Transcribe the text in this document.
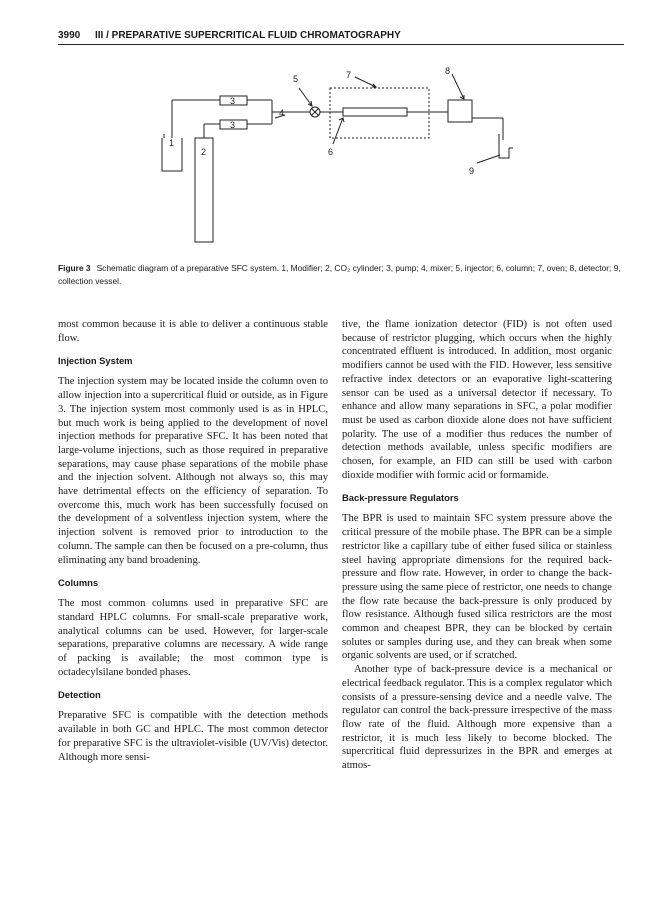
3990 III / PREPARATIVE SUPERCRITICAL FLUID CHROMATOGRAPHY
1
2
3
3
4
5
6
7	8
9
Figure 3 Schematic diagram of a preparative SFC system. 1, Modifier; 2, CO₂ cylinder; 3, pump; 4, mixer; 5, injector; 6, column; 7, oven; 8, detector; 9, collection vessel.

most common because it is able to deliver a continuous stable flow.

Injection System

The injection system may be located inside the column oven to allow injection into a supercritical fluid or outside, as in Figure 3. The injection system most commonly used is as in HPLC, but much work is being applied to the development of novel injection methods for preparative SFC. It has been noted that large-volume injections, such as those required in preparative separations, may cause phase separations of the mobile phase and the injection solvent. Although not always so, this may have detrimental effects on the efficiency of separation. To overcome this, much work has been successfully focused on the development of a solventless injection system, where the injection solvent is removed prior to introduction to the column. The sample can then be focused on a pre-column, thus eliminating any band broadening.

Columns

The most common columns used in preparative SFC are standard HPLC columns. For small-scale preparative work, analytical columns can be used. However, for larger-scale separations, preparative columns are necessary. A wide range of packing is available; the most common type is octadecylsilane bonded phases.

Detection

Preparative SFC is compatible with the detection methods available in both GC and HPLC. The most common detector for preparative SFC is the ultraviolet-visible (UV/Vis) detector. Although more sensi-

tive, the flame ionization detector (FID) is not often used because of restrictor plugging, which occurs when the highly concentrated effluent is introduced. In addition, most organic modifiers cannot be used with the FID. However, less sensitive refractive index detectors or an evaporative light-scattering sensor can be used as a universal detector if necessary. To enhance and allow many separations in SFC, a polar modifier must be used as carbon dioxide alone does not have sufficient polarity. The use of a modifier thus reduces the number of detection methods available, unless specific modifiers are chosen, for example, an FID can still be used with carbon dioxide modifier with formic acid or formamide.

Back-pressure Regulators

The BPR is used to maintain SFC system pressure above the critical pressure of the mobile phase. The BPR can be a simple restrictor like a capillary tube of either fused silica or stainless steel having appropriate dimensions for the required back-pressure and flow rate. However, in order to change the back-pressure using the same piece of restrictor, one needs to change the flow rate because the back-pressure is only produced by flow resistance. Although fused silica restrictors are the most common and cheapest BPR, they can be blocked by certain solutes or samples during use, and they can break when some organic solvents are used, or if scratched.

Another type of back-pressure device is a mechanical or electrical feedback regulator. This is a complex regulator which consists of a pressure-sensing device and a needle valve. The regulator can control the back-pressure irrespective of the mass flow rate of the fluid. Although more expensive than a restrictor, it is much less likely to become blocked. The supercritical fluid depressurizes in the BPR and emerges at atmos-
